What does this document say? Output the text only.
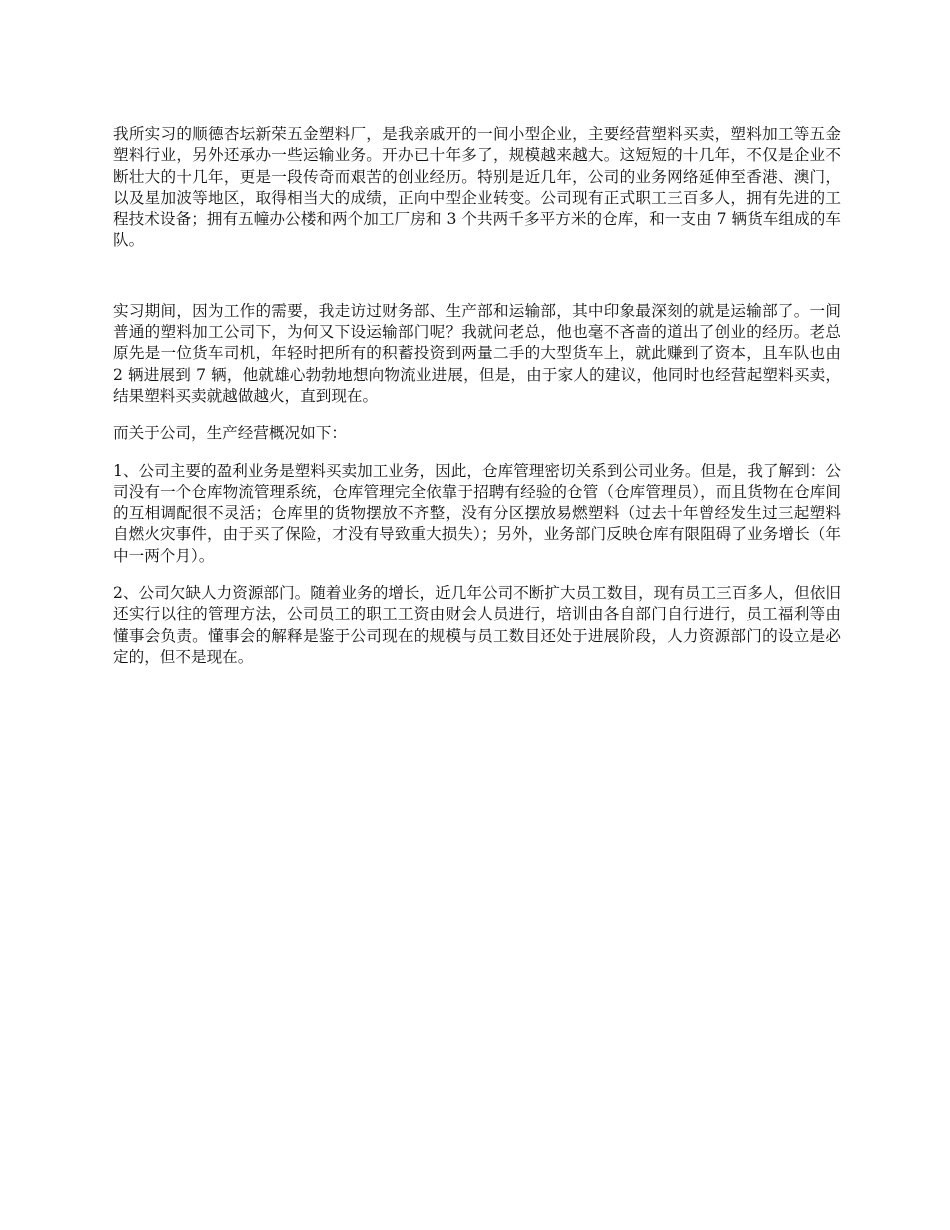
我所实习的顺德杏坛新荣五金塑料厂，是我亲戚开的一间小型企业，主要经营塑料买卖，塑料加工等五金塑料行业，另外还承办一些运输业务。开办已十年多了，规模越来越大。这短短的十几年，不仅是企业不断壮大的十几年，更是一段传奇而艰苦的创业经历。特别是近几年，公司的业务网络延伸至香港、澳门，以及星加波等地区，取得相当大的成绩，正向中型企业转变。公司现有正式职工三百多人，拥有先进的工程技术设备；拥有五幢办公楼和两个加工厂房和 3 个共两千多平方米的仓库，和一支由 7 辆货车组成的车队。

实习期间，因为工作的需要，我走访过财务部、生产部和运输部，其中印象最深刻的就是运输部了。一间普通的塑料加工公司下，为何又下设运输部门呢？我就问老总，他也毫不吝啬的道出了创业的经历。老总原先是一位货车司机，年轻时把所有的积蓄投资到两量二手的大型货车上，就此赚到了资本，且车队也由 2 辆进展到 7 辆，他就雄心勃勃地想向物流业进展，但是，由于家人的建议，他同时也经营起塑料买卖，结果塑料买卖就越做越火，直到现在。

而关于公司，生产经营概况如下：

1、公司主要的盈利业务是塑料买卖加工业务，因此，仓库管理密切关系到公司业务。但是，我了解到：公司没有一个仓库物流管理系统，仓库管理完全依靠于招聘有经验的仓管（仓库管理员），而且货物在仓库间的互相调配很不灵活；仓库里的货物摆放不齐整，没有分区摆放易燃塑料（过去十年曾经发生过三起塑料自燃火灾事件，由于买了保险，才没有导致重大损失）；另外，业务部门反映仓库有限阻碍了业务增长（年中一两个月）。

2、公司欠缺人力资源部门。随着业务的增长，近几年公司不断扩大员工数目，现有员工三百多人，但依旧还实行以往的管理方法，公司员工的职工工资由财会人员进行，培训由各自部门自行进行，员工福利等由懂事会负责。懂事会的解释是鉴于公司现在的规模与员工数目还处于进展阶段，人力资源部门的设立是必定的，但不是现在。
